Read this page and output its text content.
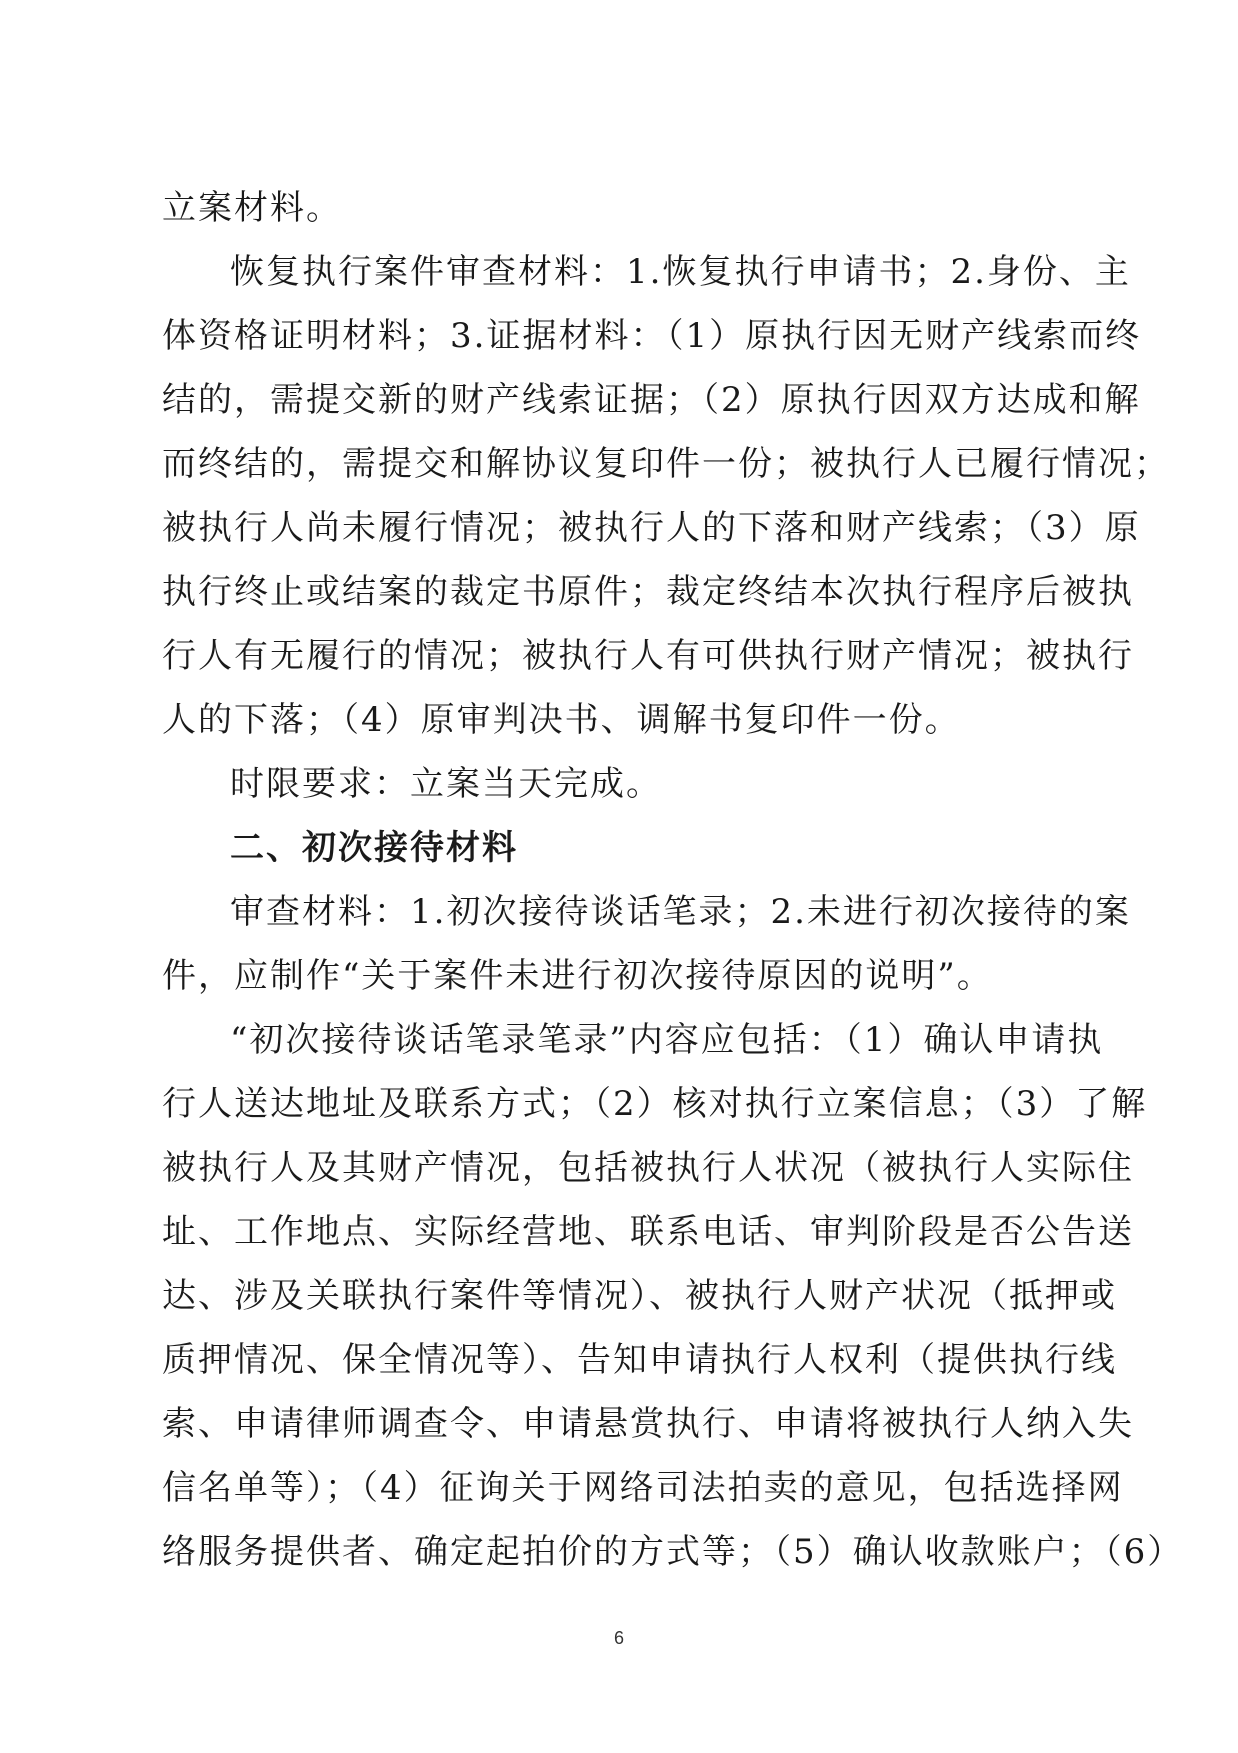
立案材料。
恢复执行案件审查材料：1.恢复执行申请书；2.身份、主
体资格证明材料；3.证据材料：（1）原执行因无财产线索而终
结的，需提交新的财产线索证据；（2）原执行因双方达成和解
而终结的，需提交和解协议复印件一份；被执行人已履行情况；
被执行人尚未履行情况；被执行人的下落和财产线索；（3）原
执行终止或结案的裁定书原件；裁定终结本次执行程序后被执
行人有无履行的情况；被执行人有可供执行财产情况；被执行
人的下落；（4）原审判决书、调解书复印件一份。
时限要求：立案当天完成。
二、初次接待材料
审查材料：1.初次接待谈话笔录；2.未进行初次接待的案
件，应制作“关于案件未进行初次接待原因的说明”。
“初次接待谈话笔录笔录”内容应包括：（1）确认申请执
行人送达地址及联系方式；（2）核对执行立案信息；（3）了解
被执行人及其财产情况，包括被执行人状况（被执行人实际住
址、工作地点、实际经营地、联系电话、审判阶段是否公告送
达、涉及关联执行案件等情况）、被执行人财产状况（抵押或
质押情况、保全情况等）、告知申请执行人权利（提供执行线
索、申请律师调查令、申请悬赏执行、申请将被执行人纳入失
信名单等）；（4）征询关于网络司法拍卖的意见，包括选择网
络服务提供者、确定起拍价的方式等；（5）确认收款账户；（6）
6
